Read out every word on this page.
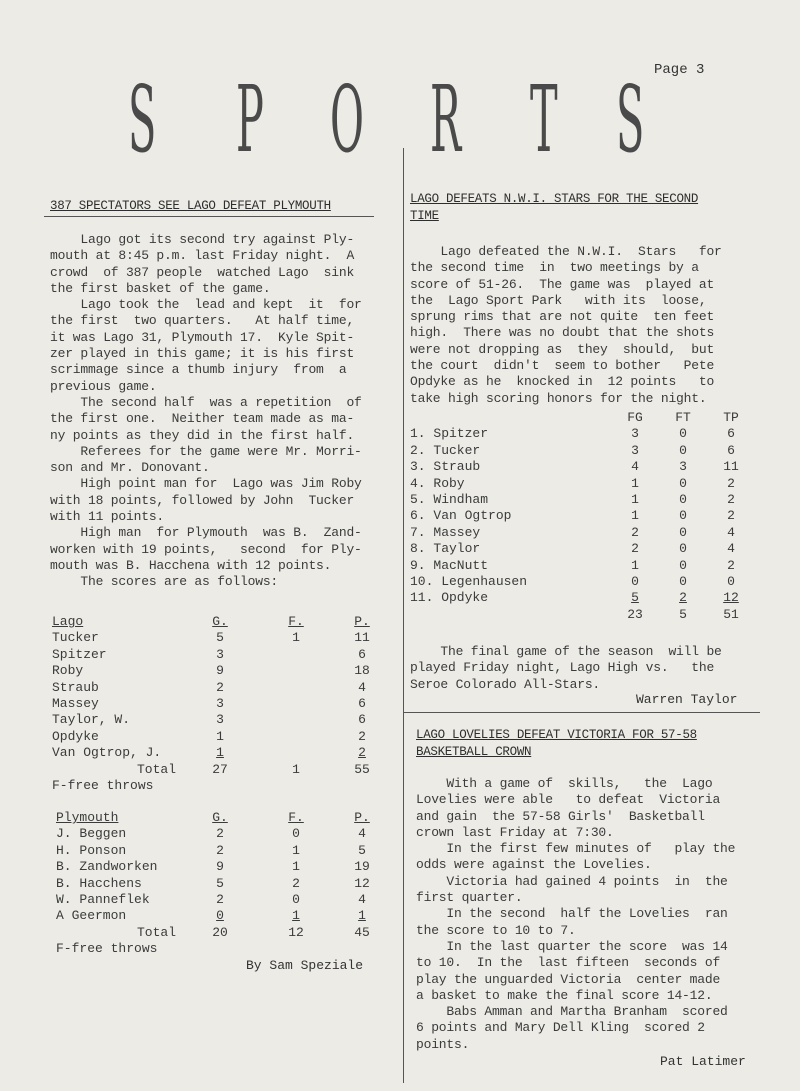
Page 3
S P O R T S
387 SPECTATORS SEE LAGO DEFEAT PLYMOUTH
Lago got its second try against Ply-
mouth at 8:45 p.m. last Friday night.  A
crowd  of 387 people  watched Lago  sink
the first basket of the game.
Lago took the  lead and kept  it  for
the first  two quarters.   At half time,
it was Lago 31, Plymouth 17.  Kyle Spit-
zer played in this game; it is his first
scrimmage since a thumb injury  from  a
previous game.
The second half  was a repetition  of
the first one.  Neither team made as ma-
ny points as they did in the first half.
Referees for the game were Mr. Morri-
son and Mr. Donovant.
High point man for  Lago was Jim Roby
with 18 points, followed by John  Tucker
with 11 points.
High man  for Plymouth  was B.  Zand-
worken with 19 points,   second  for Ply-
mouth was B. Hacchena with 12 points.
The scores are as follows:
Lago	G.	F.	P.
Tucker	5	1	11
Spitzer	3		6
Roby	9		18
Straub	2		4
Massey	3		6
Taylor, W.	3		6
Opdyke	1		2
Van Ogtrop, J.	1		2
Total	27	1	55
F-free throws			
Plymouth	G.	F.	P.
J. Beggen	2	0	4
H. Ponson	2	1	5
B. Zandworken	9	1	19
B. Hacchens	5	2	12
W. Panneflek	2	0	4
A Geermon	0	1	1
Total	20	12	45
F-free throws			
By Sam Speziale
LAGO DEFEATS N.W.I. STARS FOR THE SECOND
TIME
Lago defeated the N.W.I.  Stars   for
the second time  in  two meetings by a
score of 51-26.  The game was  played at
the  Lago Sport Park   with its  loose,
sprung rims that are not quite  ten feet
high.  There was no doubt that the shots
were not dropping as  they  should,  but
the court  didn't  seem to bother   Pete
Opdyke as he  knocked in  12 points   to
take high scoring honors for the night.
	FG	FT	TP
1. Spitzer	3	0	6
2. Tucker	3	0	6
3. Straub	4	3	11
4. Roby	1	0	2
5. Windham	1	0	2
6. Van Ogtrop	1	0	2
7. Massey	2	0	4
8. Taylor	2	0	4
9. MacNutt	1	0	2
10. Legenhausen	0	0	0
11. Opdyke	5	2	12
	23	5	51
The final game of the season  will be
played Friday night, Lago High vs.   the
Seroe Colorado All-Stars.
Warren Taylor
LAGO LOVELIES DEFEAT VICTORIA FOR 57-58
BASKETBALL CROWN
With a game of  skills,   the  Lago
Lovelies were able   to defeat  Victoria
and gain  the 57-58 Girls'  Basketball
crown last Friday at 7:30.
In the first few minutes of   play the
odds were against the Lovelies.
Victoria had gained 4 points  in  the
first quarter.
In the second  half the Lovelies  ran
the score to 10 to 7.
In the last quarter the score  was 14
to 10.  In the  last fifteen  seconds of
play the unguarded Victoria  center made
a basket to make the final score 14-12.
Babs Amman and Martha Branham  scored
6 points and Mary Dell Kling  scored 2
points.
Pat Latimer
